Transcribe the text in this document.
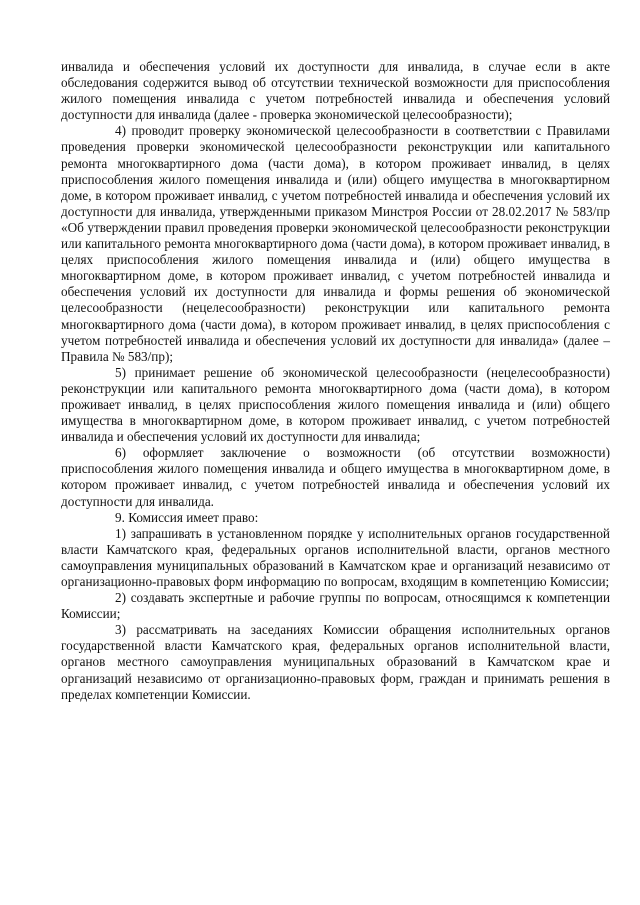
инвалида и обеспечения условий их доступности для инвалида, в случае если в акте обследования содержится вывод об отсутствии технической возможности для приспособления жилого помещения инвалида с учетом потребностей инвалида и обеспечения условий доступности для инвалида (далее - проверка экономической целесообразности);

4) проводит проверку экономической целесообразности в соответствии с Правилами проведения проверки экономической целесообразности реконструкции или капитального ремонта многоквартирного дома (части дома), в котором проживает инвалид, в целях приспособления жилого помещения инвалида и (или) общего имущества в многоквартирном доме, в котором проживает инвалид, с учетом потребностей инвалида и обеспечения условий их доступности для инвалида, утвержденными приказом Минстроя России от 28.02.2017 № 583/пр «Об утверждении правил проведения проверки экономической целесообразности реконструкции или капитального ремонта многоквартирного дома (части дома), в котором проживает инвалид, в целях приспособления жилого помещения инвалида и (или) общего имущества в многоквартирном доме, в котором проживает инвалид, с учетом потребностей инвалида и обеспечения условий их доступности для инвалида и формы решения об экономической целесообразности (нецелесообразности) реконструкции или капитального ремонта многоквартирного дома (части дома), в котором проживает инвалид, в целях приспособления с учетом потребностей инвалида и обеспечения условий их доступности для инвалида» (далее – Правила № 583/пр);

5) принимает решение об экономической целесообразности (нецелесообразности) реконструкции или капитального ремонта многоквартирного дома (части дома), в котором проживает инвалид, в целях приспособления жилого помещения инвалида и (или) общего имущества в многоквартирном доме, в котором проживает инвалид, с учетом потребностей инвалида и обеспечения условий их доступности для инвалида;

6) оформляет заключение о возможности (об отсутствии возможности) приспособления жилого помещения инвалида и общего имущества в многоквартирном доме, в котором проживает инвалид, с учетом потребностей инвалида и обеспечения условий их доступности для инвалида.

9. Комиссия имеет право:

1) запрашивать в установленном порядке у исполнительных органов государственной власти Камчатского края, федеральных органов исполнительной власти, органов местного самоуправления муниципальных образований в Камчатском крае и организаций независимо от организационно-правовых форм информацию по вопросам, входящим в компетенцию Комиссии;

2) создавать экспертные и рабочие группы по вопросам, относящимся к компетенции Комиссии;

3) рассматривать на заседаниях Комиссии обращения исполнительных органов государственной власти Камчатского края, федеральных органов исполнительной власти, органов местного самоуправления муниципальных образований в Камчатском крае и организаций независимо от организационно-правовых форм, граждан и принимать решения в пределах компетенции Комиссии.
